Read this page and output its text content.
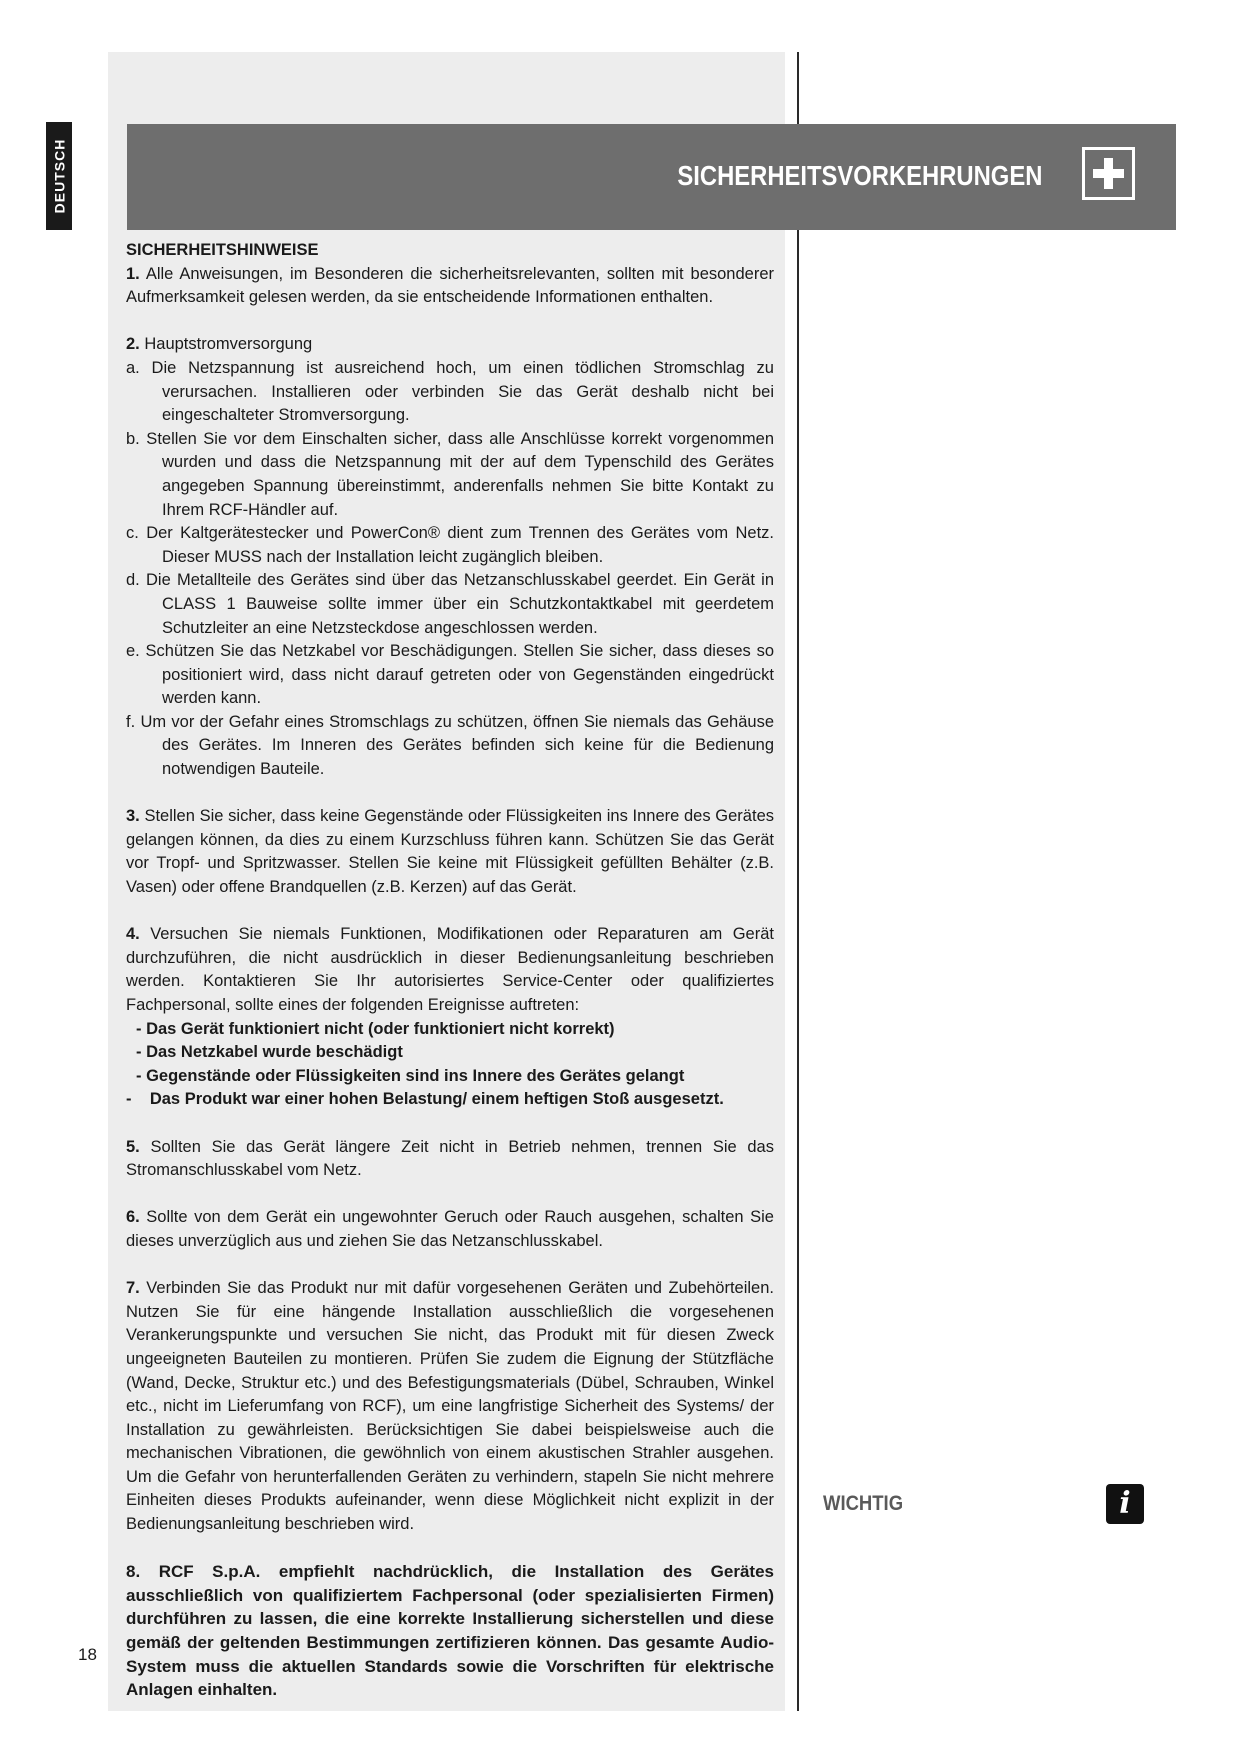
DEUTSCH	SICHERHEITSVORKEHRUNGEN

SICHERHEITSHINWEISE

1. Alle Anweisungen, im Besonderen die sicherheitsrelevanten, sollten mit besonderer Aufmerksamkeit gelesen werden, da sie entscheidende Informationen enthalten.

2. Hauptstromversorgung

a. Die Netzspannung ist ausreichend hoch, um einen tödlichen Stromschlag zu verursachen. Installieren oder verbinden Sie das Gerät deshalb nicht bei eingeschalteter Stromversorgung.

b. Stellen Sie vor dem Einschalten sicher, dass alle Anschlüsse korrekt vorgenommen wurden und dass die Netzspannung mit der auf dem Typenschild des Gerätes angegeben Spannung übereinstimmt, anderenfalls nehmen Sie bitte Kontakt zu Ihrem RCF-Händler auf.

c. Der Kaltgerätestecker und PowerCon® dient zum Trennen des Gerätes vom Netz. Dieser MUSS nach der Installation leicht zugänglich bleiben.

d. Die Metallteile des Gerätes sind über das Netzanschlusskabel geerdet. Ein Gerät in CLASS 1 Bauweise sollte immer über ein Schutzkontaktkabel mit geerdetem Schutzleiter an eine Netzsteckdose angeschlossen werden.

e. Schützen Sie das Netzkabel vor Beschädigungen. Stellen Sie sicher, dass dieses so positioniert wird, dass nicht darauf getreten oder von Gegenständen eingedrückt werden kann.

f. Um vor der Gefahr eines Stromschlags zu schützen, öffnen Sie niemals das Gehäuse des Gerätes. Im Inneren des Gerätes befinden sich keine für die Bedienung notwendigen Bauteile.

3. Stellen Sie sicher, dass keine Gegenstände oder Flüssigkeiten ins Innere des Gerätes gelangen können, da dies zu einem Kurzschluss führen kann. Schützen Sie das Gerät vor Tropf- und Spritzwasser. Stellen Sie keine mit Flüssigkeit gefüllten Behälter (z.B. Vasen) oder offene Brandquellen (z.B. Kerzen) auf das Gerät.

4. Versuchen Sie niemals Funktionen, Modifikationen oder Reparaturen am Gerät durchzuführen, die nicht ausdrücklich in dieser Bedienungsanleitung beschrieben werden. Kontaktieren Sie Ihr autorisiertes Service-Center oder qualifiziertes Fachpersonal, sollte eines der folgenden Ereignisse auftreten:

- Das Gerät funktioniert nicht (oder funktioniert nicht korrekt)

- Das Netzkabel wurde beschädigt

- Gegenstände oder Flüssigkeiten sind ins Innere des Gerätes gelangt

- Das Produkt war einer hohen Belastung/ einem heftigen Stoß ausgesetzt.

5. Sollten Sie das Gerät längere Zeit nicht in Betrieb nehmen, trennen Sie das Stromanschlusskabel vom Netz.

6. Sollte von dem Gerät ein ungewohnter Geruch oder Rauch ausgehen, schalten Sie dieses unverzüglich aus und ziehen Sie das Netzanschlusskabel.

7. Verbinden Sie das Produkt nur mit dafür vorgesehenen Geräten und Zubehörteilen. Nutzen Sie für eine hängende Installation ausschließlich die vorgesehenen Verankerungspunkte und versuchen Sie nicht, das Produkt mit für diesen Zweck ungeeigneten Bauteilen zu montieren. Prüfen Sie zudem die Eignung der Stützfläche (Wand, Decke, Struktur etc.) und des Befestigungsmaterials (Dübel, Schrauben, Winkel etc., nicht im Lieferumfang von RCF), um eine langfristige Sicherheit des Systems/ der Installation zu gewährleisten. Berücksichtigen Sie dabei beispielsweise auch die mechanischen Vibrationen, die gewöhnlich von einem akustischen Strahler ausgehen. Um die Gefahr von herunterfallenden Geräten zu verhindern, stapeln Sie nicht mehrere Einheiten dieses Produkts aufeinander, wenn diese Möglichkeit nicht explizit in der Bedienungsanleitung beschrieben wird.

8. RCF S.p.A. empfiehlt nachdrücklich, die Installation des Gerätes ausschließlich von qualifiziertem Fachpersonal (oder spezialisierten Firmen) durchführen zu lassen, die eine korrekte Installierung sicherstellen und diese gemäß der geltenden Bestimmungen zertifizieren können. Das gesamte Audio-System muss die aktuellen Standards sowie die Vorschriften für elektrische Anlagen einhalten.

18
WICHTIG	i
